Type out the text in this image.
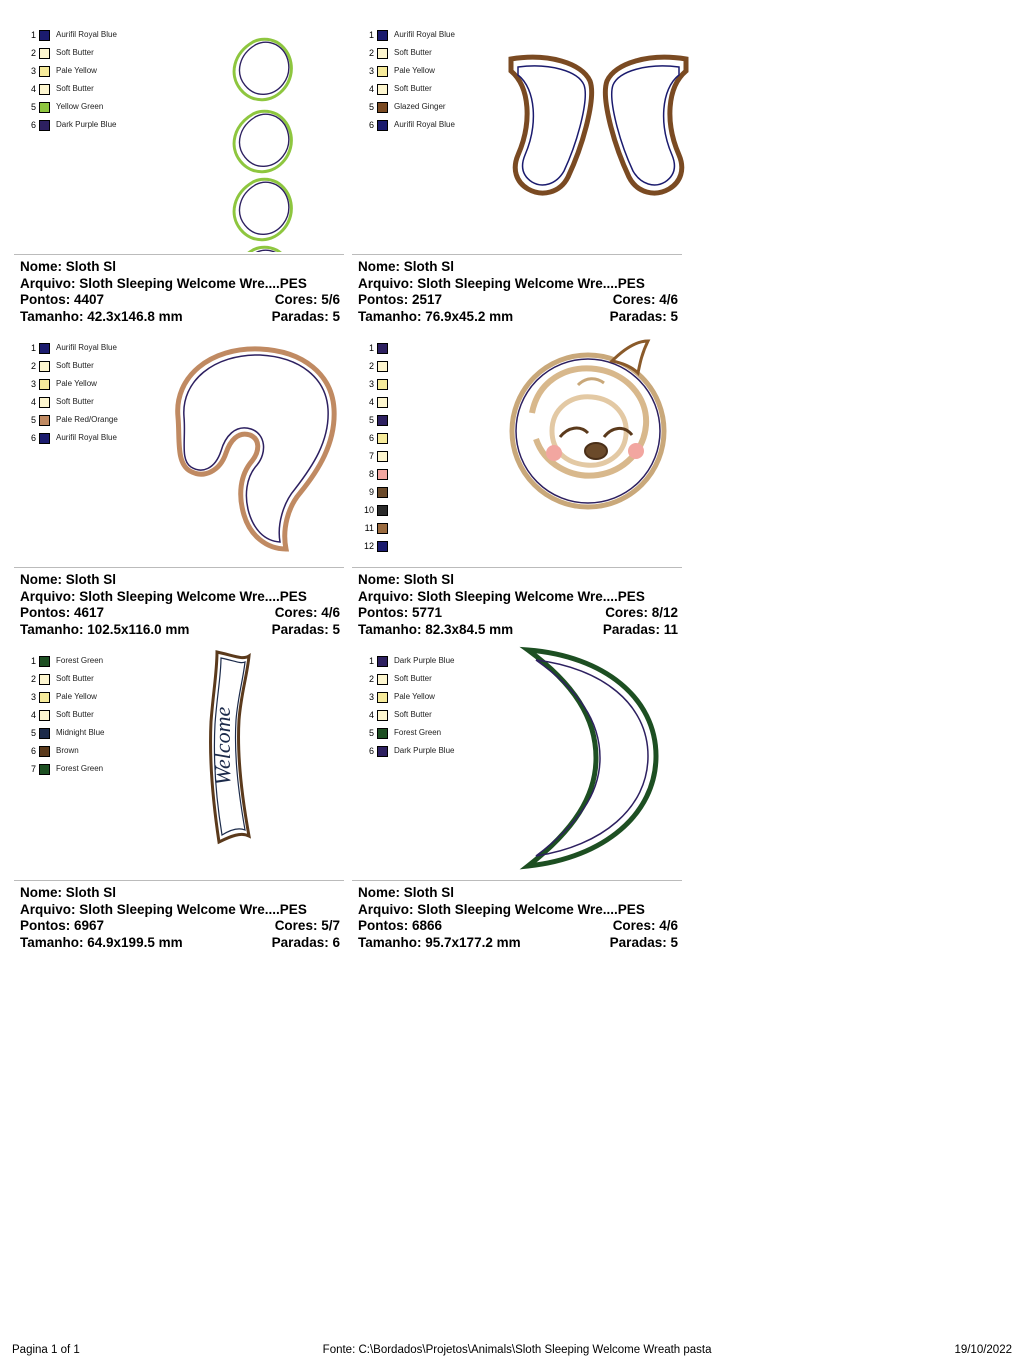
1	Aurifil Royal Blue
2	Soft Butter
3	Pale Yellow
4	Soft Butter
5	Yellow Green
6	Dark Purple Blue
Nome: Sloth Sl
Arquivo: Sloth Sleeping Welcome Wre....PES
Pontos: 4407	Cores: 5/6
Tamanho: 42.3x146.8 mm	Paradas: 5
1	Aurifil Royal Blue
2	Soft Butter
3	Pale Yellow
4	Soft Butter
5	Glazed Ginger
6	Aurifil Royal Blue
Nome: Sloth Sl
Arquivo: Sloth Sleeping Welcome Wre....PES
Pontos: 2517	Cores: 4/6
Tamanho: 76.9x45.2 mm	Paradas: 5
1	Aurifil Royal Blue
2	Soft Butter
3	Pale Yellow
4	Soft Butter
5	Pale Red/Orange
6	Aurifil Royal Blue
Nome: Sloth Sl
Arquivo: Sloth Sleeping Welcome Wre....PES
Pontos: 4617	Cores: 4/6
Tamanho: 102.5x116.0 mm	Paradas: 5
1
2
3
4
5
6
7
8
9
10
11
12
Nome: Sloth Sl
Arquivo: Sloth Sleeping Welcome Wre....PES
Pontos: 5771	Cores: 8/12
Tamanho: 82.3x84.5 mm	Paradas: 11
1	Forest Green
2	Soft Butter
3	Pale Yellow
4	Soft Butter
5	Midnight Blue
6	Brown
7	Forest Green	Welcome
Nome: Sloth Sl
Arquivo: Sloth Sleeping Welcome Wre....PES
Pontos: 6967	Cores: 5/7
Tamanho: 64.9x199.5 mm	Paradas: 6
1	Dark Purple Blue
2	Soft Butter
3	Pale Yellow
4	Soft Butter
5	Forest Green
6	Dark Purple Blue
Nome: Sloth Sl
Arquivo: Sloth Sleeping Welcome Wre....PES
Pontos: 6866	Cores: 4/6
Tamanho: 95.7x177.2 mm	Paradas: 5
Pagina 1 of 1	Fonte: C:\Bordados\Projetos\Animals\Sloth Sleeping Welcome Wreath pasta	19/10/2022
